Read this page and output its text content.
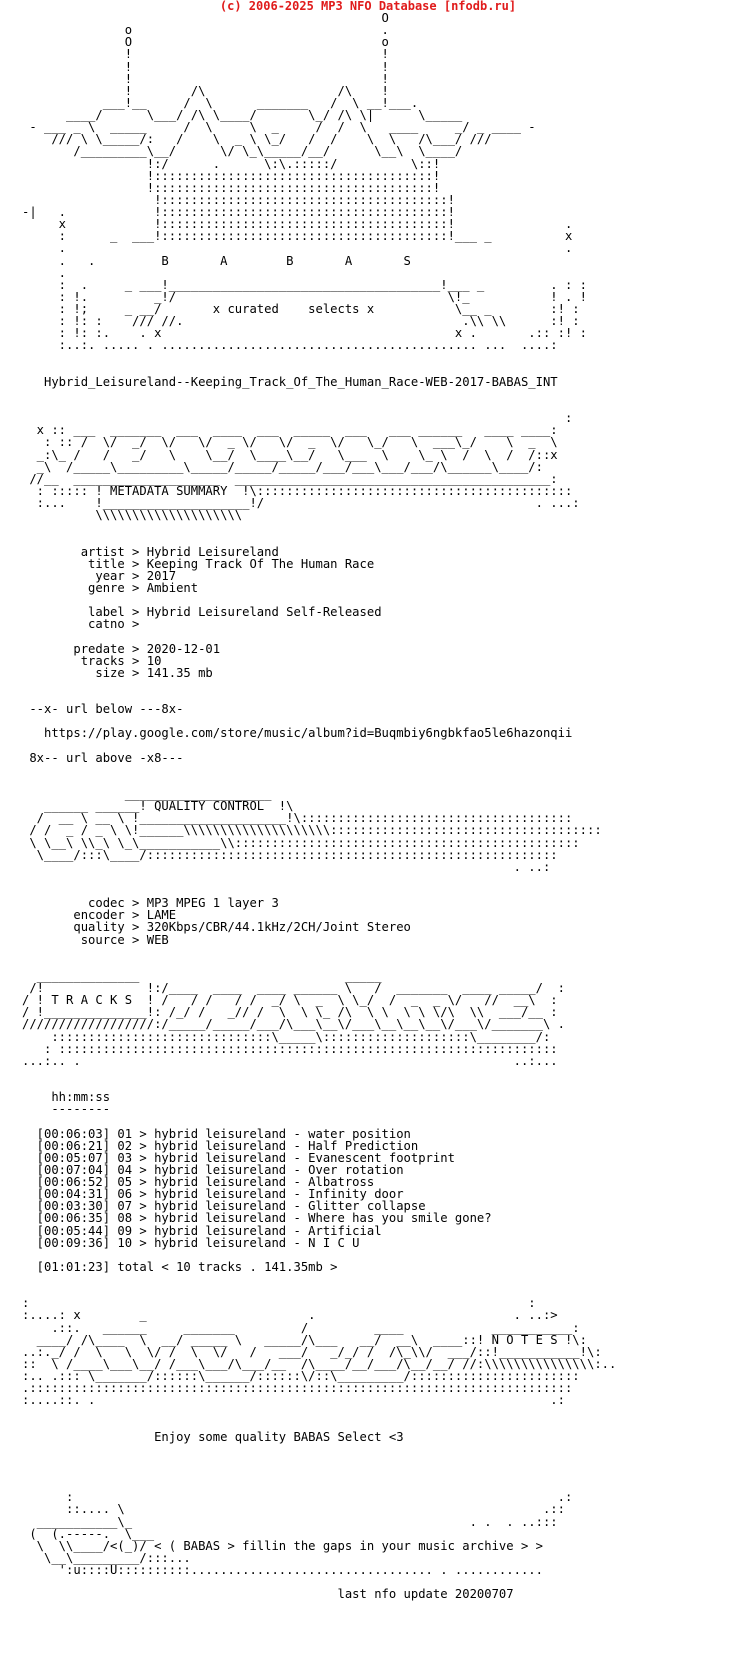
(c) 2006-2025 MP3 NFO Database [nfodb.ru]
O
o                                  .
O                                  o
!                                  !
!                                  !
!                                  !
!        /\                  /\    !
___!__     /  \      _______   /  \ __!___.
____/      \___/ /\ \____/       \_/ /\ \|      \_____
- ___ _ \  _____     /  \     \  _     /  /  \   ____     _/ _ ____ -
/// \ \_____/:   /    \  _ \ \_/   /  /    \  \   /\___/ ///
/_________\__/      \/ \_\_____/__/      \__\  \____/
!:/      .      \:\.:::::/          \::!
!::::::::::::::::::::::::::::::::::::::!
!::::::::::::::::::::::::::::::::::::::!
!:::::::::::::::::::::::::::::::::::::::!
-|   .            !:::::::::::::::::::::::::::::::::::::::!
x            !:::::::::::::::::::::::::::::::::::::::!               .
:      _  ___!:::::::::::::::::::::::::::::::::::::::!___ _          x
.                                                                    .
.   .         B       A        B       A       S
.
:  .     _ ___!_____________________________________!___ _         . : :
: !.         _!/                                     \!_           ! . !
: !;     _ __/       x curated    selects x           \__ _        :! :
: !: :    /// //.                                      .\\ \\      :! :
: !: :.    . x                                        x .       .:: :! :
:..:. ..... . ........................................... ...  ....:

Hybrid_Leisureland--Keeping_Track_Of_The_Human_Race-WEB-2017-BABAS_INT

:
x :: ___  _______  ___  ____  ___  _____  ___   ___ ______   ____ ____:
: :: /  \/  _/  \/   \/  _ \/   \/  _  \/   \_/   \  ___\_/    \  _  \
_:\_ /   /   _/   \    \__/  \____\__/   \___  \    \_ \  /  \  /  /::x
_\  /_____\_________\_____/_____/_____/___/___\___/___/\______\____/:
//__  ____________________  ___________________________________________:
: ::::: ! METADATA SUMMARY  !\:::::::::::::::::::::::::::::::::::::::::::
:...    !____________________!/                                     . ...:
\\\\\\\\\\\\\\\\\\\\

artist > Hybrid Leisureland
title > Keeping Track Of The Human Race
year > 2017
genre > Ambient

label > Hybrid Leisureland Self-Released
catno >

predate > 2020-12-01
tracks > 10
size > 141.35 mb

--x- url below ---8x-

https://play.google.com/store/music/album?id=Buqmbiy6ngbkfao5le6hazonqii

8x-- url above -x8---

____________________
______ ______! QUALITY CONTROL  !\
/  __ \ __ \ !____________________!\:::::::::::::::::::::::::::::::::::::
/ /  _ / _ \ \!______\\\\\\\\\\\\\\\\\\\\:::::::::::::::::::::::::::::::::::::
\ \__\ \\_\ \_\___________\\:::::::::::::::::::::::::::::::::::::::::::::::
\____/:::\____/::::::::::::::::::::::::::::::::::::::::::::::::::::::::
. ..:

codec > MP3 MPEG 1 layer 3
encoder > LAME
quality > 320Kbps/CBR/44.1kHz/2CH/Joint Stereo
source > WEB

______________                            _____
/!              !:/____  ____  ____ ______ \   /  _______  ____ _____/  :
/ ! T R A C K S  ! /   / /   / /  _/ \  _  \ \_/  /  _  _ \/   //  __\  :
/ !______________!: /_/ /   _// /  \  \ \_ /\  \ \  \ \ \/\  \\  ___/__ :
//////////////////:/_____/_____/___/\___\__\/___\__\__\__\/___\/_______\ .
::::::::::::::::::::::::::::::\_____\::::::::::::::::::::\________/:
: ::::::::::::::::::::::::::::::::::::::::::::::::::::::::::::::::::::
...:.. .                                                           ..:...

hh:mm:ss
--------

[00:06:03] 01 > hybrid leisureland - water position
[00:06:21] 02 > hybrid leisureland - Half Prediction
[00:05:07] 03 > hybrid leisureland - Evanescent footprint
[00:07:04] 04 > hybrid leisureland - Over rotation
[00:06:52] 05 > hybrid leisureland - Albatross
[00:04:31] 06 > hybrid leisureland - Infinity door
[00:03:30] 07 > hybrid leisureland - Glitter collapse
[00:06:35] 08 > hybrid leisureland - Where has you smile gone?
[00:05:44] 09 > hybrid leisureland - Artificial
[00:09:36] 10 > hybrid leisureland - N I C U

[01:01:23] total < 10 tracks . 141.35mb >

:                                                                    :
:....: x        _                      .                           . ..:>
.::.   ______     _______         /         ____            ___________:
____/ /\____  \  __/ _____ \   _____/\___   __/  __\  ____::! N O T E S !\:
..:._/ /  \   \  \/ /  \  \/   /   ___/   _/_/ /  /\_\\/  ___/::!___________!\:
::  \ /____\___\__/ /___\___/\___/__  /\____/__/___/\__/__/ //:\\\\\\\\\\\\\\\:..
:.. .::: \_______/::::::\______/::::::\/::\_________/:::::::::::::::::::::::
.::::::::::::::::::::::::::::::::::::::::::::::::::::::::::::::::::::::::::
:....::. .                                                              .:

Enjoy some quality BABAS Select <3

:                                                                  .:
::.... \                                                         .::
___________\_                                              . .  . ..:::
(  (.-----.  \___
\  \\____/<(_)/ < ( BABAS > fillin the gaps in your music archive > >
\__\_________/:::...
':u::::U::::::::::................................. . ............

last nfo update 20200707
